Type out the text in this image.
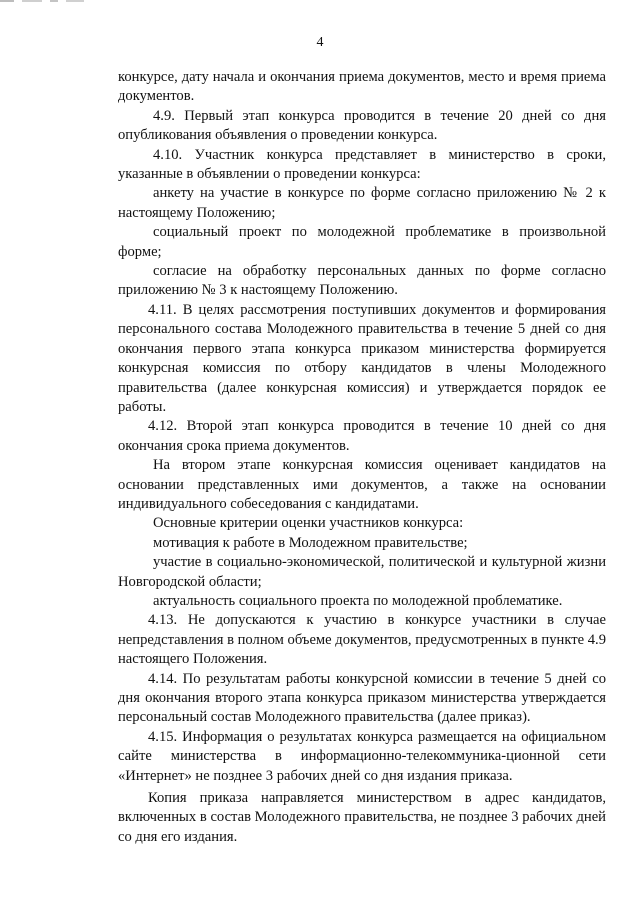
4

конкурсе, дату начала и окончания приема документов, место и время приема документов.

4.9. Первый этап конкурса проводится в течение 20 дней со дня опубликования объявления о проведении конкурса.

4.10. Участник конкурса представляет в министерство в сроки, указанные в объявлении о проведении конкурса:

анкету на участие в конкурсе по форме согласно приложению № 2 к настоящему Положению;

социальный проект по молодежной проблематике в произвольной форме;

согласие на обработку персональных данных по форме согласно приложению № 3 к настоящему Положению.

4.11. В целях рассмотрения поступивших документов и формирования персонального состава Молодежного правительства в течение 5 дней со дня окончания первого этапа конкурса приказом министерства формируется конкурсная комиссия по отбору кандидатов в члены Молодежного правительства (далее конкурсная комиссия) и утверждается порядок ее работы.

4.12. Второй этап конкурса проводится в течение 10 дней со дня окончания срока приема документов.

На втором этапе конкурсная комиссия оценивает кандидатов на основании представленных ими документов, а также на основании индивидуального собеседования с кандидатами.

Основные критерии оценки участников конкурса:

мотивация к работе в Молодежном правительстве;

участие в социально-экономической, политической и культурной жизни Новгородской области;

актуальность социального проекта по молодежной проблематике.

4.13. Не допускаются к участию в конкурсе участники в случае непредставления в полном объеме документов, предусмотренных в пункте 4.9 настоящего Положения.

4.14. По результатам работы конкурсной комиссии в течение 5 дней со дня окончания второго этапа конкурса приказом министерства утверждается персональный состав Молодежного правительства (далее приказ).

4.15. Информация о результатах конкурса размещается на официальном сайте министерства в информационно-телекоммуника-ционной сети «Интернет» не позднее 3 рабочих дней со дня издания приказа.

Копия приказа направляется министерством в адрес кандидатов, включенных в состав Молодежного правительства, не позднее 3 рабочих дней со дня его издания.
